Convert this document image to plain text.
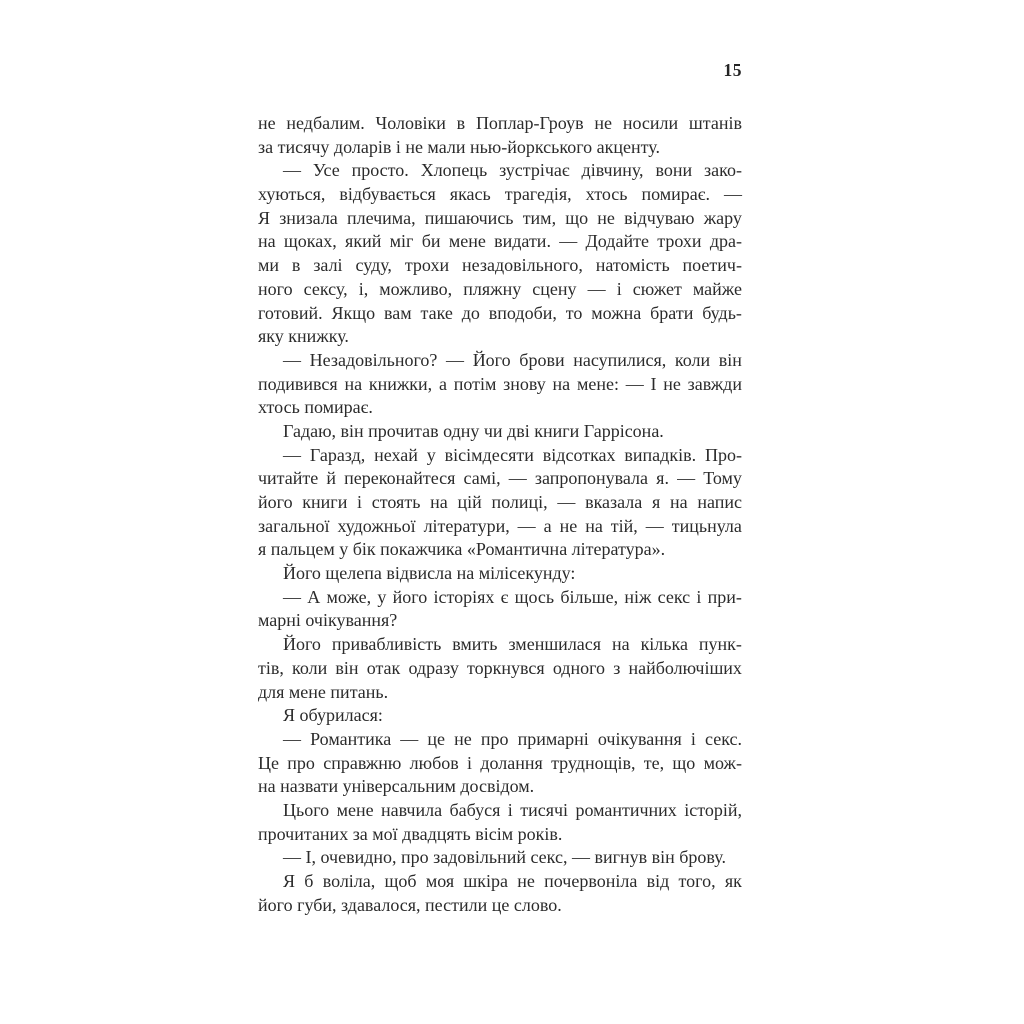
15
не недбалим. Чоловіки в Поплар-Гроув не носили штанів
за тисячу доларів і не мали нью-йоркського акценту.
— Усе просто. Хлопець зустрічає дівчину, вони зако-
хуються, відбувається якась трагедія, хтось помирає. —
Я знизала плечима, пишаючись тим, що не відчуваю жару
на щоках, який міг би мене видати. — Додайте трохи дра-
ми в залі суду, трохи незадовільного, натомість поетич-
ного сексу, і, можливо, пляжну сцену — і сюжет майже
готовий. Якщо вам таке до вподоби, то можна брати будь-
яку книжку.
— Незадовільного? — Його брови насупилися, коли він
подивився на книжки, а потім знову на мене: — І не завжди
хтось помирає.
Гадаю, він прочитав одну чи дві книги Гаррісона.
— Гаразд, нехай у вісімдесяти відсотках випадків. Про-
читайте й переконайтеся самі, — запропонувала я. — Тому
його книги і стоять на цій полиці, — вказала я на напис
загальної художньої літератури, — а не на тій, — тицьнула
я пальцем у бік покажчика «Романтична література».
Його щелепа відвисла на мілісекунду:
— А може, у його історіях є щось більше, ніж секс і при-
марні очікування?
Його привабливість вмить зменшилася на кілька пунк-
тів, коли він отак одразу торкнувся одного з найболючіших
для мене питань.
Я обурилася:
— Романтика — це не про примарні очікування і секс.
Це про справжню любов і долання труднощів, те, що мож-
на назвати універсальним досвідом.
Цього мене навчила бабуся і тисячі романтичних історій,
прочитаних за мої двадцять вісім років.
— І, очевидно, про задовільний секс, — вигнув він брову.
Я б воліла, щоб моя шкіра не почервоніла від того, як
його губи, здавалося, пестили це слово.
